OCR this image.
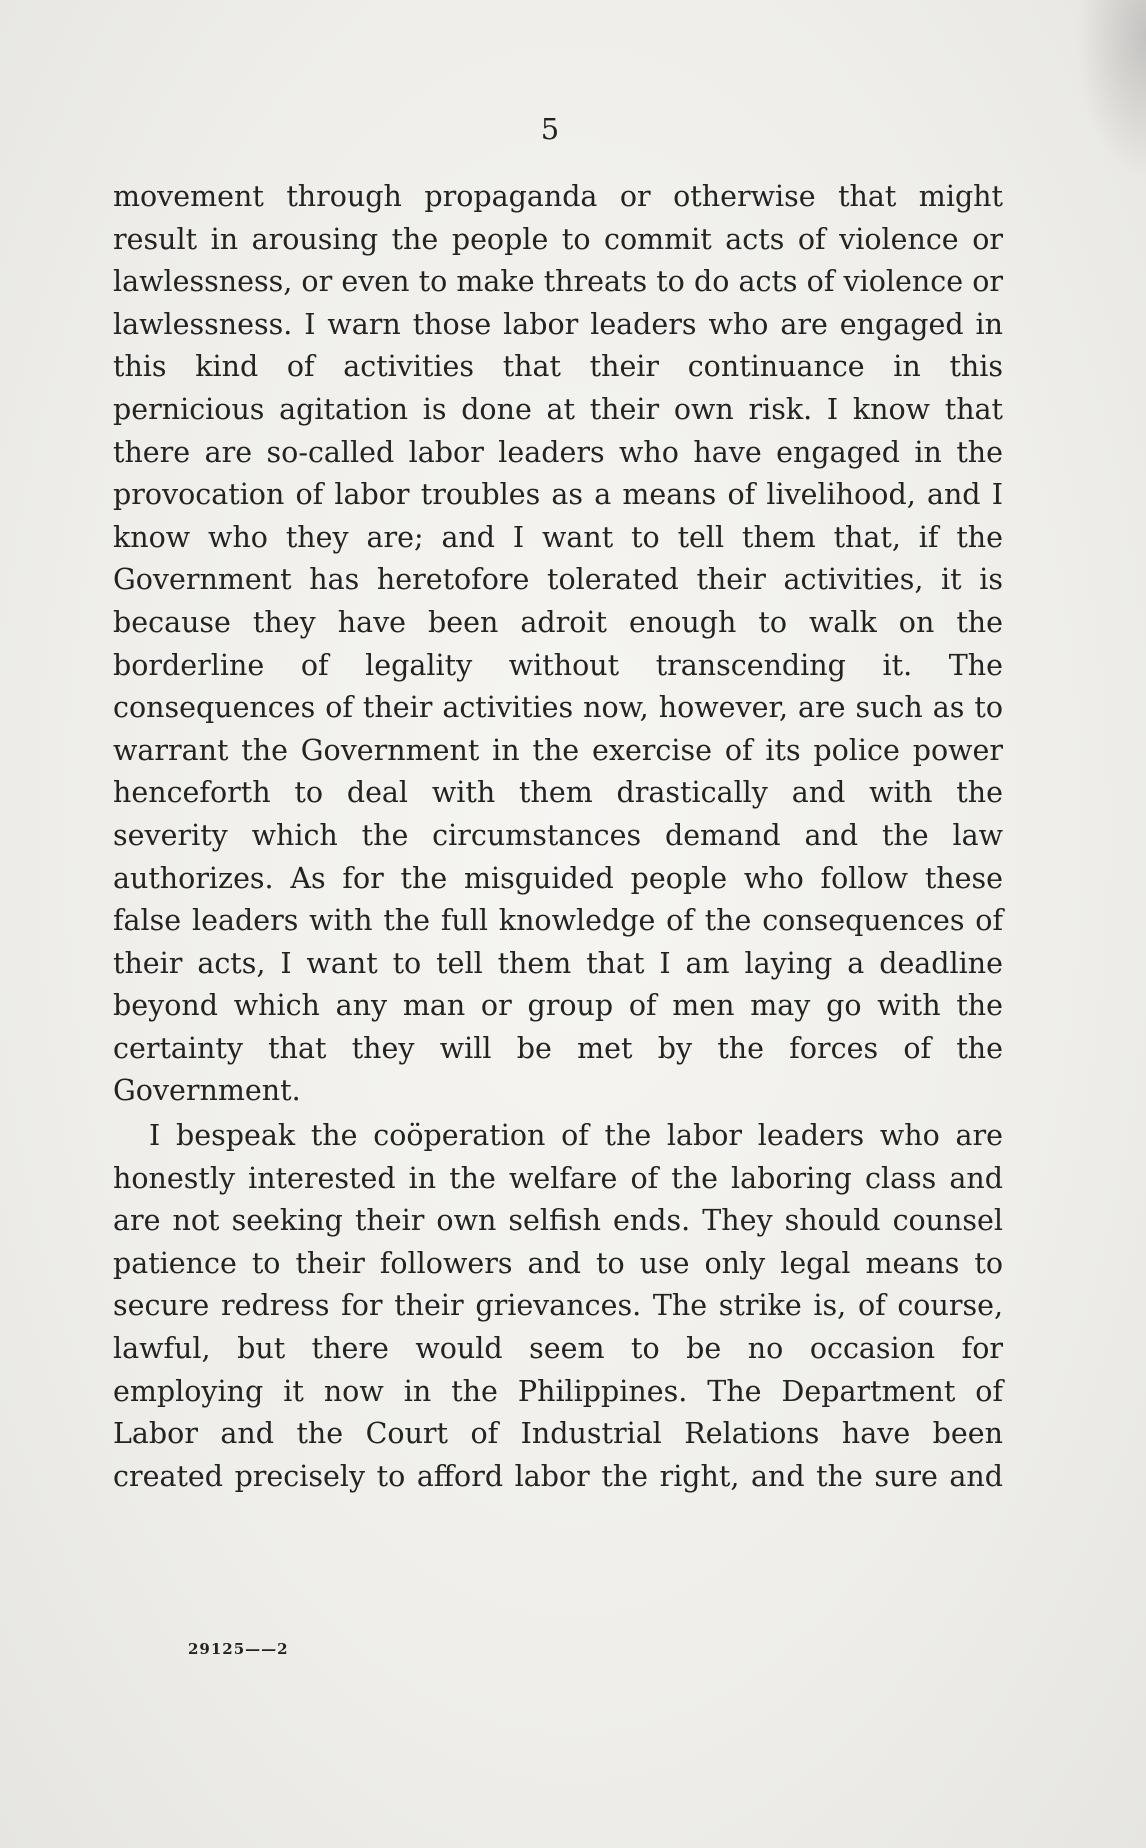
5

movement through propaganda or otherwise that might result in arousing the people to commit acts of violence or lawlessness, or even to make threats to do acts of violence or lawlessness. I warn those labor leaders who are engaged in this kind of activities that their continuance in this pernicious agitation is done at their own risk. I know that there are so-called labor leaders who have engaged in the provocation of labor troubles as a means of livelihood, and I know who they are; and I want to tell them that, if the Government has heretofore tolerated their activities, it is because they have been adroit enough to walk on the borderline of legality without transcending it. The consequences of their activities now, however, are such as to warrant the Government in the exercise of its police power henceforth to deal with them drastically and with the severity which the circumstances demand and the law authorizes. As for the misguided people who follow these false leaders with the full knowledge of the consequences of their acts, I want to tell them that I am laying a deadline beyond which any man or group of men may go with the certainty that they will be met by the forces of the Government.

I bespeak the coöperation of the labor leaders who are honestly interested in the welfare of the laboring class and are not seeking their own selfish ends. They should counsel patience to their followers and to use only legal means to secure redress for their grievances. The strike is, of course, lawful, but there would seem to be no occasion for employing it now in the Philippines. The Department of Labor and the Court of Industrial Relations have been created precisely to afford labor the right, and the sure and

29125——2
